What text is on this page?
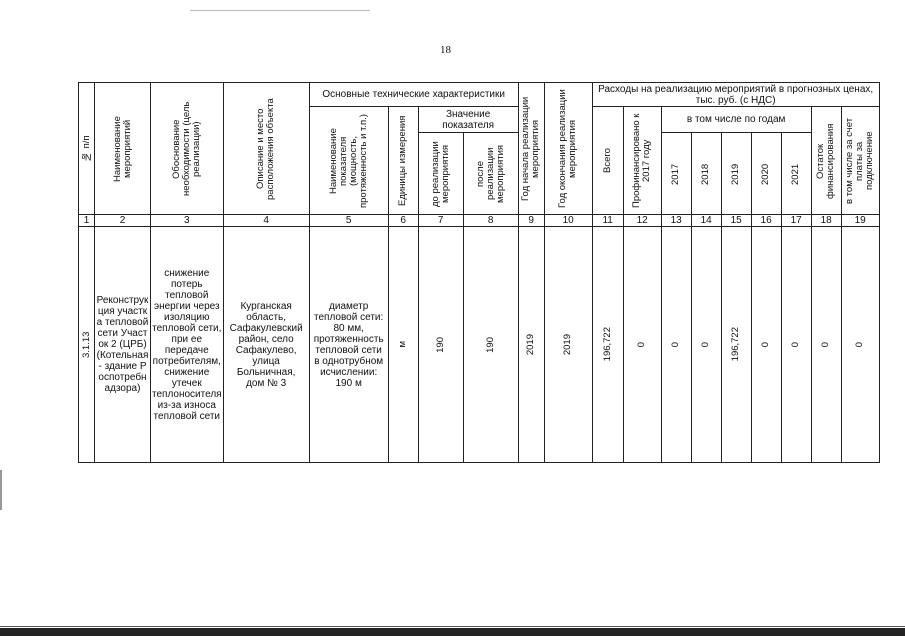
18
№ п/п	Наименование мероприятий	Обоснование необходимости (цель реализации)	Описание и место расположения объекта	Основные технические характеристики				Год начала реализации мероприятия	Год окончания реализации мероприятия	Расходы на реализацию мероприятий в прогнозных ценах, тыс. руб. (с НДС)								

				Наименование показателя (мощность, протяженность и т.п.)	Единицы измерения	Значение показателя				Всего	Профинансировано к 2017 году	в том числе по годам					Остаток финансирования	в том числе за счет платы за подключение

						до реализации мероприятия	после реализации мероприятия					2017	2018	2019	2020	2021		

1	2	3	4	5	6	7	8	9	10	11	12	13	14	15	16	17	18	19

3.1.13	Реконструкция участка тепловой сети Участок 2 (ЦРБ) (Котельная - здание Роспотребнадзора)	снижение потерь тепловой энергии через изоляцию тепловой сети, при ее передаче потребителям, снижение утечек теплоносителя из-за износа тепловой сети	Курганская область, Сафакулевский район, село Сафакулево, улица Больничная, дом № 3	диаметр тепловой сети: 80 мм, протяженность тепловой сети в однотрубном исчислении: 190 м	м	190	190	2019	2019	196,722	0	0	0	196,722	0	0	0	0
